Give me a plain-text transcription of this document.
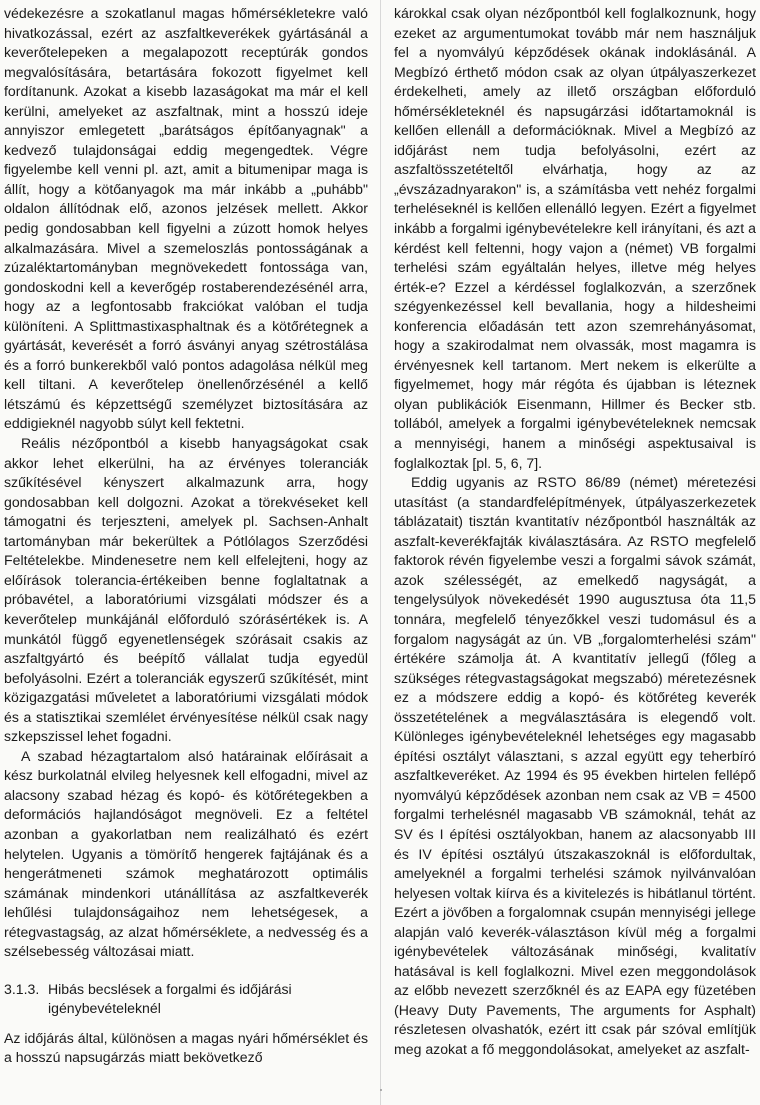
védekezésre a szokatlanul magas hőmérsékletekre való hivatkozással, ezért az aszfaltkeverékek gyártásánál a keverőtelepeken a megalapozott receptúrák gondos megvalósítására, betartására fokozott figyelmet kell fordítanunk. Azokat a kisebb lazaságokat ma már el kell kerülni, amelyeket az aszfaltnak, mint a hosszú ideje annyiszor emlegetett „barátságos építőanyagnak" a kedvező tulajdonságai eddig megengedtek. Végre figyelembe kell venni pl. azt, amit a bitumenipar maga is állít, hogy a kötőanyagok ma már inkább a „puhább" oldalon állítódnak elő, azonos jelzések mellett. Akkor pedig gondosabban kell figyelni a zúzott homok helyes alkalmazására. Mivel a szemeloszlás pontosságának a zúzaléktartományban megnövekedett fontossága van, gondoskodni kell a keverőgép rostaberendezésénél arra, hogy az a legfontosabb frakciókat valóban el tudja különíteni. A Splittmastixasphaltnak és a kötőrétegnek a gyártását, keverését a forró ásványi anyag szétrostálása és a forró bunkerekből való pontos adagolása nélkül meg kell tiltani. A keverőtelep önellenőrzésénél a kellő létszámú és képzettségű személyzet biztosítására az eddigieknél nagyobb súlyt kell fektetni.

Reális nézőpontból a kisebb hanyagságokat csak akkor lehet elkerülni, ha az érvényes toleranciák szűkítésével kényszert alkalmazunk arra, hogy gondosabban kell dolgozni. Azokat a törekvéseket kell támogatni és terjeszteni, amelyek pl. Sachsen-Anhalt tartományban már bekerültek a Pótlólagos Szerződési Feltételekbe. Mindenesetre nem kell elfelejteni, hogy az előírások tolerancia-értékeiben benne foglaltatnak a próbavétel, a laboratóriumi vizsgálati módszer és a keverőtelep munkájánál előforduló szórásértékek is. A munkától függő egyenetlenségek szórásait csakis az aszfaltgyártó és beépítő vállalat tudja egyedül befolyásolni. Ezért a toleranciák egyszerű szűkítését, mint közigazgatási műveletet a laboratóriumi vizsgálati módok és a statisztikai szemlélet érvényesítése nélkül csak nagy szkepszissel lehet fogadni.

A szabad hézagtartalom alsó határainak előírásait a kész burkolatnál elvileg helyesnek kell elfogadni, mivel az alacsony szabad hézag és kopó- és kötőrétegekben a deformációs hajlandóságot megnöveli. Ez a feltétel azonban a gyakorlatban nem realizálható és ezért helytelen. Ugyanis a tömörítő hengerek fajtájának és a hengerátmeneti számok meghatározott optimális számának mindenkori utánállítása az aszfaltkeverék lehűlési tulajdonságaihoz nem lehetségesek, a rétegvastagság, az alzat hőmérséklete, a nedvesség és a szélsebesség változásai miatt.

3.1.3. Hibás becslések a forgalmi és időjárási igénybevételeknél

Az időjárás által, különösen a magas nyári hőmérséklet és a hosszú napsugárzás miatt bekövetkező

károkkal csak olyan nézőpontból kell foglalkoznunk, hogy ezeket az argumentumokat tovább már nem használjuk fel a nyomvályú képződések okának indoklásánál. A Megbízó érthető módon csak az olyan útpályaszerkezet érdekelheti, amely az illető országban előforduló hőmérsékleteknél és napsugárzási időtartamoknál is kellően ellenáll a deformációknak. Mivel a Megbízó az időjárást nem tudja befolyásolni, ezért az aszfaltösszetételtől elvárhatja, hogy az az „évszázadnyarakon" is, a számításba vett nehéz forgalmi terheléseknél is kellően ellenálló legyen. Ezért a figyelmet inkább a forgalmi igénybevételekre kell irányítani, és azt a kérdést kell feltenni, hogy vajon a (német) VB forgalmi terhelési szám egyáltalán helyes, illetve még helyes érték-e? Ezzel a kérdéssel foglalkozván, a szerzőnek szégyenkezéssel kell bevallania, hogy a hildesheimi konferencia előadásán tett azon szemrehányásomat, hogy a szakirodalmat nem olvassák, most magamra is érvényesnek kell tartanom. Mert nekem is elkerülte a figyelmemet, hogy már régóta és újabban is léteznek olyan publikációk Eisenmann, Hillmer és Becker stb. tollából, amelyek a forgalmi igénybevételeknek nemcsak a mennyiségi, hanem a minőségi aspektusaival is foglalkoztak [pl. 5, 6, 7].

Eddig ugyanis az RSTO 86/89 (német) méretezési utasítást (a standardfelépítmények, útpályaszerkezetek táblázatait) tisztán kvantitatív nézőpontból használták az aszfalt-keverékfajták kiválasztására. Az RSTO megfelelő faktorok révén figyelembe veszi a forgalmi sávok számát, azok szélességét, az emelkedő nagyságát, a tengelysúlyok növekedését 1990 augusztusa óta 11,5 tonnára, megfelelő tényezőkkel veszi tudomásul és a forgalom nagyságát az ún. VB „forgalomterhelési szám" értékére számolja át. A kvantitatív jellegű (főleg a szükséges rétegvastagságokat megszabó) méretezésnek ez a módszere eddig a kopó- és kötőréteg keverék összetételének a megválasztására is elegendő volt. Különleges igénybevételeknél lehetséges egy magasabb építési osztályt választani, s azzal együtt egy teherbíró aszfaltkeveréket. Az 1994 és 95 években hirtelen fellépő nyomvályú képződések azonban nem csak az VB = 4500 forgalmi terhelésnél magasabb VB számoknál, tehát az SV és I építési osztályokban, hanem az alacsonyabb III és IV építési osztályú útszakaszoknál is előfordultak, amelyeknél a forgalmi terhelési számok nyilvánvalóan helyesen voltak kiírva és a kivitelezés is hibátlanul történt. Ezért a jövőben a forgalomnak csupán mennyiségi jellege alapján való keverék-választáson kívül még a forgalmi igénybevételek változásának minőségi, kvalitatív hatásával is kell foglalkozni. Mivel ezen meggondolások az előbb nevezett szerzőknél és az EAPA egy füzetében (Heavy Duty Pavements, The arguments for Asphalt) részletesen olvashatók, ezért itt csak pár szóval említjük meg azokat a fő meggondolásokat, amelyeket az aszfalt-
